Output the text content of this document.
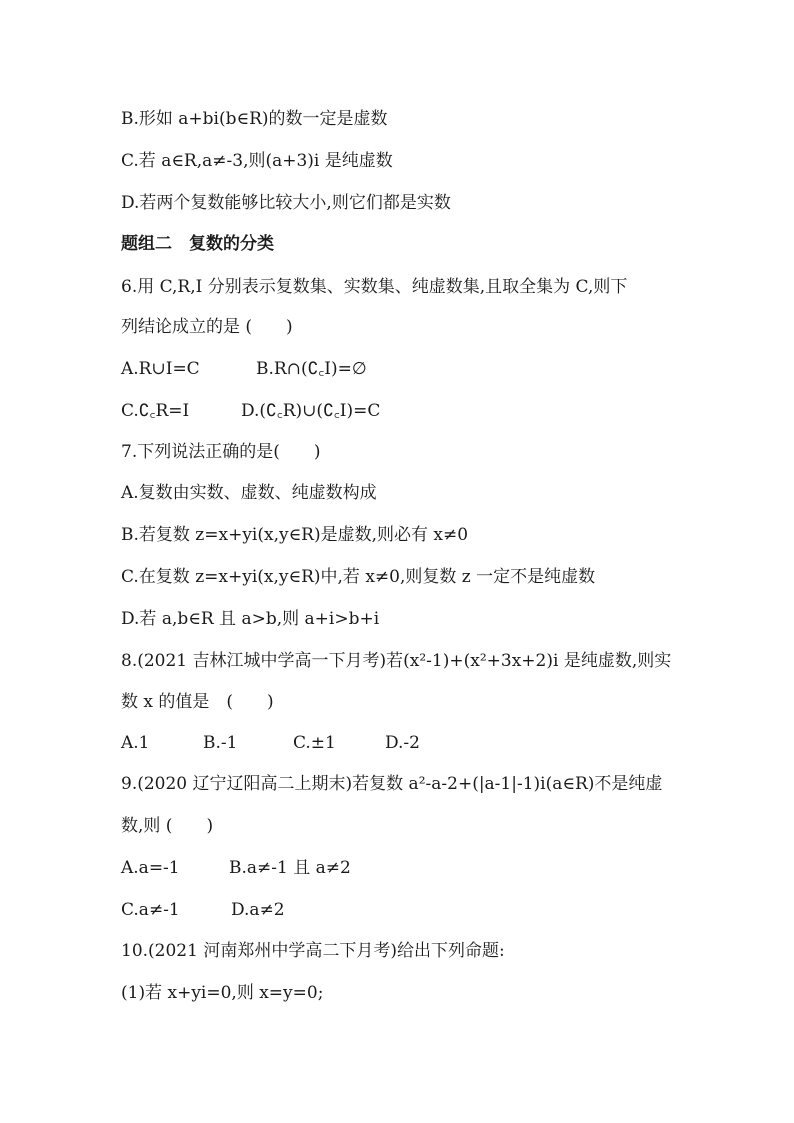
B.形如 a+bi(b∈R)的数一定是虚数
C.若 a∈R,a≠-3,则(a+3)i 是纯虚数
D.若两个复数能够比较大小,则它们都是实数
题组二　复数的分类
6.用 C,R,I 分别表示复数集、实数集、纯虚数集,且取全集为 C,则下
列结论成立的是 (　　)
A.R∪I=C	B.R∩(∁꜀I)=∅
C.∁꜀R=I	D.(∁꜀R)∪(∁꜀I)=C
7.下列说法正确的是(　　)
A.复数由实数、虚数、纯虚数构成
B.若复数 z=x+yi(x,y∈R)是虚数,则必有 x≠0
C.在复数 z=x+yi(x,y∈R)中,若 x≠0,则复数 z 一定不是纯虚数
D.若 a,b∈R 且 a>b,则 a+i>b+i
8.(2021 吉林江城中学高一下月考)若(x²-1)+(x²+3x+2)i 是纯虚数,则实
数 x 的值是　(　　)
A.1	B.-1	C.±1	D.-2
9.(2020 辽宁辽阳高二上期末)若复数 a²-a-2+(|a-1|-1)i(a∈R)不是纯虚
数,则 (　　)
A.a=-1	B.a≠-1 且 a≠2
C.a≠-1	D.a≠2
10.(2021 河南郑州中学高二下月考)给出下列命题:
(1)若 x+yi=0,则 x=y=0;
